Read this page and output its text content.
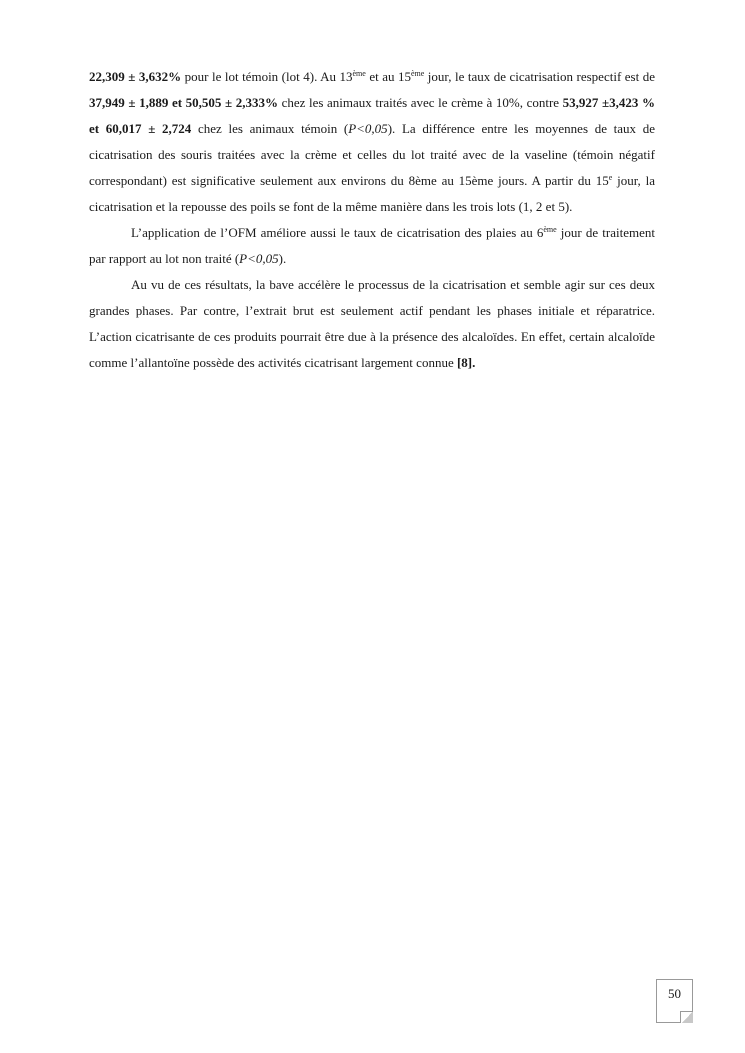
22,309 ± 3,632% pour le lot témoin (lot 4). Au 13ème et au 15ème jour, le taux de cicatrisation respectif est de 37,949 ± 1,889 et 50,505 ± 2,333% chez les animaux traités avec le crème à 10%, contre 53,927 ±3,423 % et 60,017 ± 2,724 chez les animaux témoin (P<0,05). La différence entre les moyennes de taux de cicatrisation des souris traitées avec la crème et celles du lot traité avec de la vaseline (témoin négatif correspondant) est significative seulement aux environs du 8ème au 15ème jours. A partir du 15e jour, la cicatrisation et la repousse des poils se font de la même manière dans les trois lots (1, 2 et 5).

L’application de l’OFM améliore aussi le taux de cicatrisation des plaies au 6ème jour de traitement par rapport au lot non traité (P<0,05).

Au vu de ces résultats, la bave accélère le processus de la cicatrisation et semble agir sur ces deux grandes phases. Par contre, l’extrait brut est seulement actif pendant les phases initiale et réparatrice. L’action cicatrisante de ces produits pourrait être due à la présence des alcaloïdes. En effet, certain alcaloïde comme l’allantoïne possède des activités cicatrisant largement connue [8].

50
